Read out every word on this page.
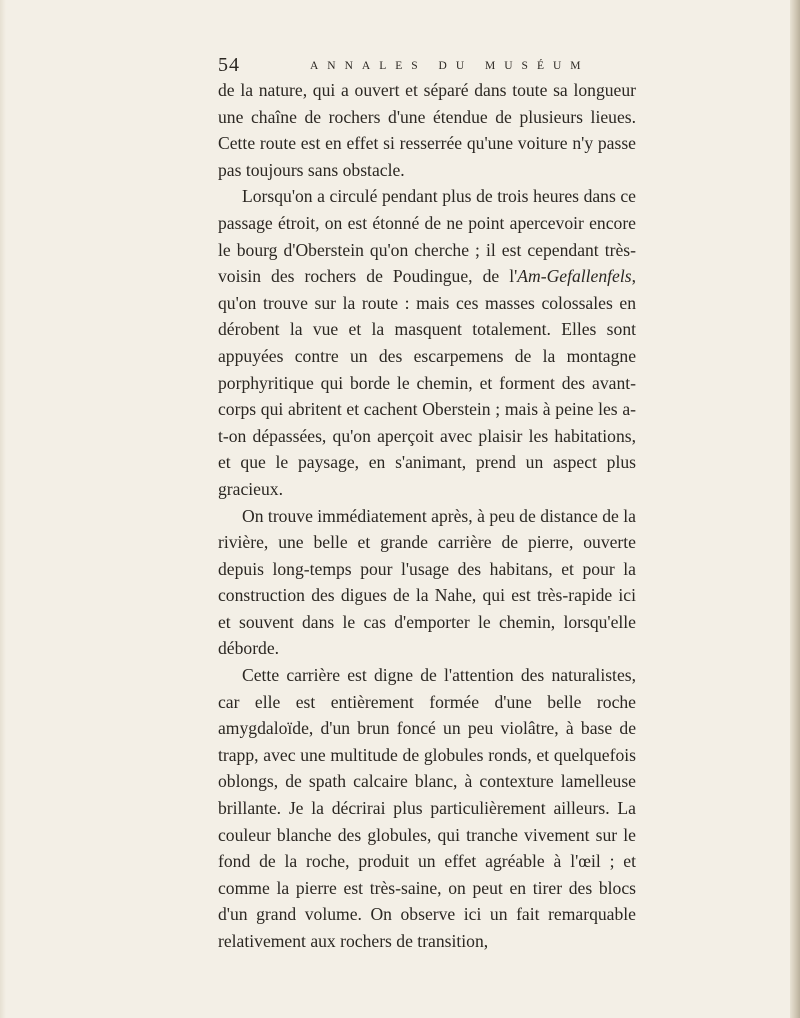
54	ANNALES DU MUSÉUM

de la nature, qui a ouvert et séparé dans toute sa longueur une chaîne de rochers d'une étendue de plusieurs lieues. Cette route est en effet si resserrée qu'une voiture n'y passe pas toujours sans obstacle.

Lorsqu'on a circulé pendant plus de trois heures dans ce passage étroit, on est étonné de ne point apercevoir encore le bourg d'Oberstein qu'on cherche ; il est cependant très-voisin des rochers de Poudingue, de l'Am-Gefallenfels, qu'on trouve sur la route : mais ces masses colossales en dérobent la vue et la masquent totalement. Elles sont appuyées contre un des escarpemens de la montagne porphyritique qui borde le chemin, et forment des avant-corps qui abritent et cachent Oberstein ; mais à peine les a-t-on dépassées, qu'on aperçoit avec plaisir les habitations, et que le paysage, en s'animant, prend un aspect plus gracieux.

On trouve immédiatement après, à peu de distance de la rivière, une belle et grande carrière de pierre, ouverte depuis long-temps pour l'usage des habitans, et pour la construction des digues de la Nahe, qui est très-rapide ici et souvent dans le cas d'emporter le chemin, lorsqu'elle déborde.

Cette carrière est digne de l'attention des naturalistes, car elle est entièrement formée d'une belle roche amygdaloïde, d'un brun foncé un peu violâtre, à base de trapp, avec une multitude de globules ronds, et quelquefois oblongs, de spath calcaire blanc, à contexture lamelleuse brillante. Je la décrirai plus particulièrement ailleurs. La couleur blanche des globules, qui tranche vivement sur le fond de la roche, produit un effet agréable à l'œil ; et comme la pierre est très-saine, on peut en tirer des blocs d'un grand volume. On observe ici un fait remarquable relativement aux rochers de transition,
